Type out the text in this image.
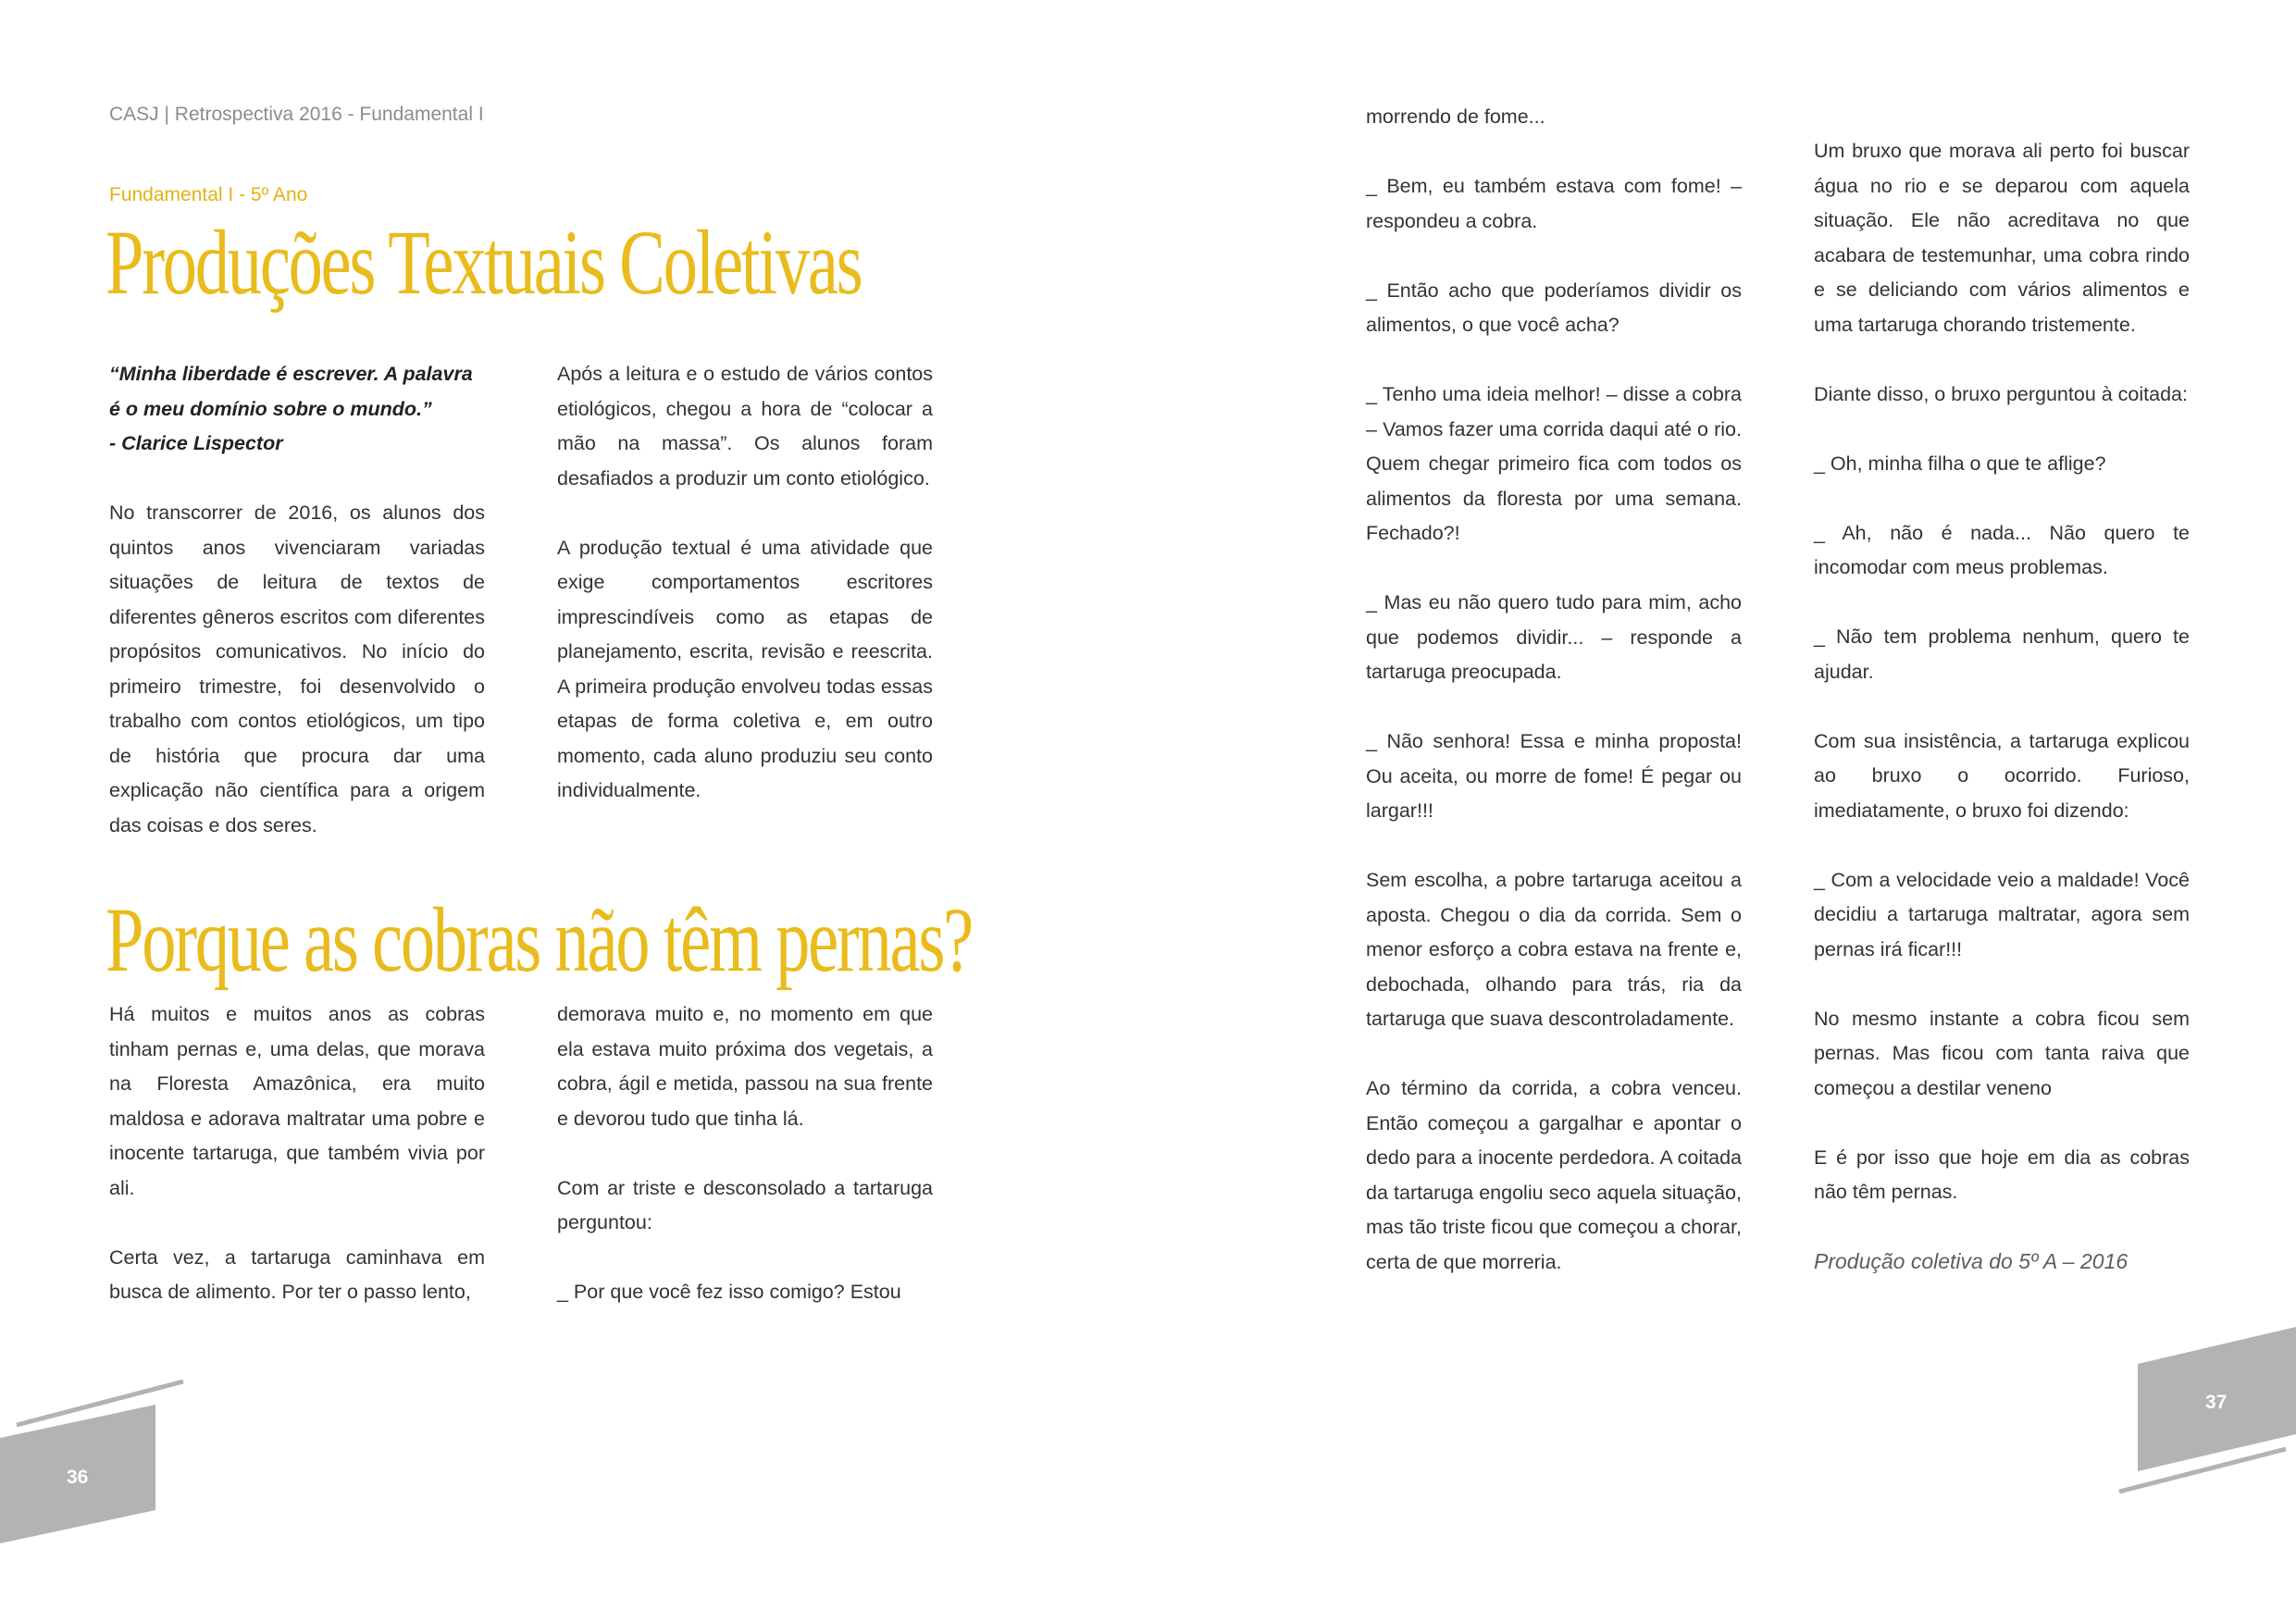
CASJ | Retrospectiva 2016 - Fundamental I
Fundamental I - 5º Ano
Produções Textuais Coletivas

“Minha liberdade é escrever. A palavra
é o meu domínio sobre o mundo.”
- Clarice Lispector

No transcorrer de 2016, os alunos dos quintos anos vivenciaram variadas situações de leitura de textos de diferentes gêneros escritos com diferentes propósitos comunicativos. No início do primeiro trimestre, foi desenvolvido o trabalho com contos etiológicos, um tipo de história que procura dar uma explicação não científica para a origem das coisas e dos seres.

Após a leitura e o estudo de vários contos etiológicos, chegou a hora de “colocar a mão na massa”. Os alunos foram desafiados a produzir um conto etiológico.

A produção textual é uma atividade que exige comportamentos escritores imprescindíveis como as etapas de planejamento, escrita, revisão e reescrita. A primeira produção envolveu todas essas etapas de forma coletiva e, em outro momento, cada aluno produziu seu conto individualmente.

Porque as cobras não têm pernas?

Há muitos e muitos anos as cobras tinham pernas e, uma delas, que morava na Floresta Amazônica, era muito maldosa e adorava maltratar uma pobre e inocente tartaruga, que também vivia por ali.

Certa vez, a tartaruga caminhava em busca de alimento. Por ter o passo lento,

demorava muito e, no momento em que ela estava muito próxima dos vegetais, a cobra, ágil e metida, passou na sua frente e devorou tudo que tinha lá.

Com ar triste e desconsolado a tartaruga perguntou:

_ Por que você fez isso comigo? Estou

36

morrendo de fome...

_ Bem, eu também estava com fome! – respondeu a cobra.

_ Então acho que poderíamos dividir os alimentos, o que você acha?

_ Tenho uma ideia melhor! – disse a cobra – Vamos fazer uma corrida daqui até o rio. Quem chegar primeiro fica com todos os alimentos da floresta por uma semana. Fechado?!

_ Mas eu não quero tudo para mim, acho que podemos dividir... – responde a tartaruga preocupada.

_ Não senhora! Essa e minha proposta! Ou aceita, ou morre de fome! É pegar ou largar!!!

Sem escolha, a pobre tartaruga aceitou a aposta. Chegou o dia da corrida. Sem o menor esforço a cobra estava na frente e, debochada, olhando para trás, ria da tartaruga que suava descontroladamente.

Ao término da corrida, a cobra venceu. Então começou a gargalhar e apontar o dedo para a inocente perdedora. A coitada da tartaruga engoliu seco aquela situação, mas tão triste ficou que começou a chorar, certa de que morreria.

Um bruxo que morava ali perto foi buscar água no rio e se deparou com aquela situação. Ele não acreditava no que acabara de testemunhar, uma cobra rindo e se deliciando com vários alimentos e uma tartaruga chorando tristemente.

Diante disso, o bruxo perguntou à coitada:

_ Oh, minha filha o que te aflige?

_ Ah, não é nada... Não quero te incomodar com meus problemas.

_ Não tem problema nenhum, quero te ajudar.

Com sua insistência, a tartaruga explicou ao bruxo o ocorrido. Furioso, imediatamente, o bruxo foi dizendo:

_ Com a velocidade veio a maldade! Você decidiu a tartaruga maltratar, agora sem pernas irá ficar!!!

No mesmo instante a cobra ficou sem pernas. Mas ficou com tanta raiva que começou a destilar veneno

E é por isso que hoje em dia as cobras não têm pernas.

Produção coletiva do 5º A – 2016

37
